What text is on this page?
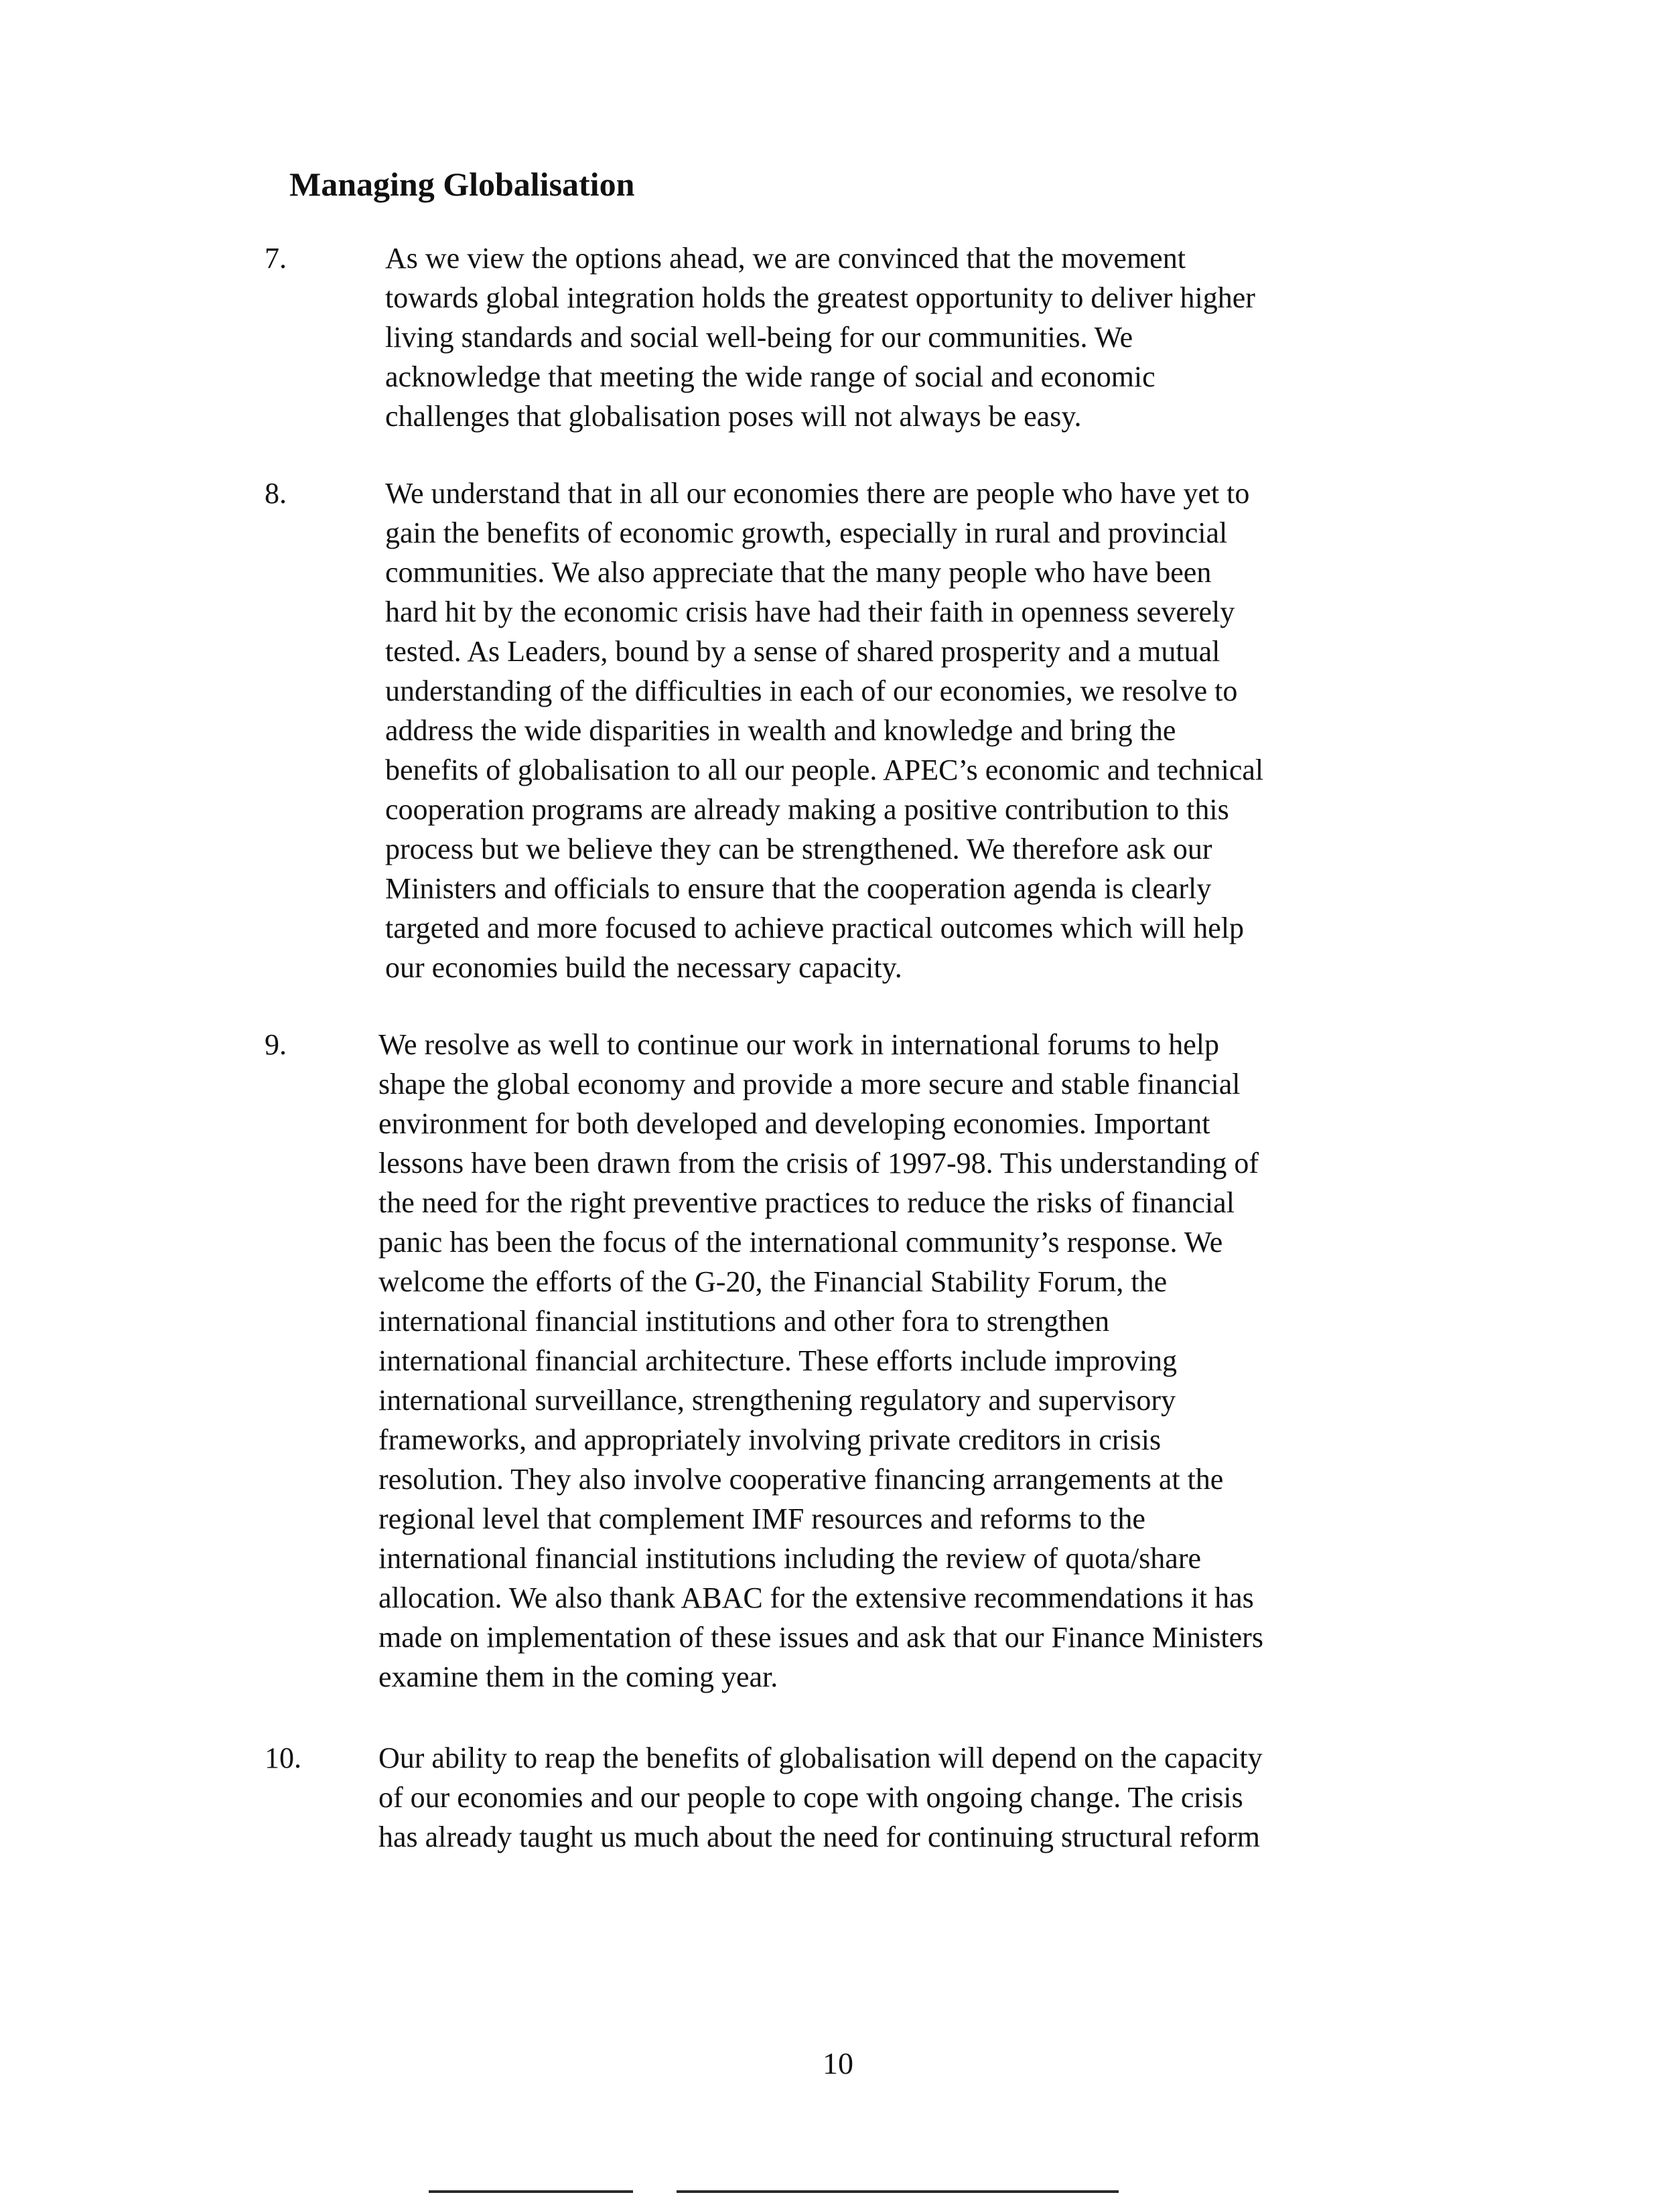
Managing Globalisation
7.	As we view the options ahead, we are convinced that the movement
towards global integration holds the greatest opportunity to deliver higher
living standards and social well-being for our communities. We
acknowledge that meeting the wide range of social and economic
challenges that globalisation poses will not always be easy.
8.	We understand that in all our economies there are people who have yet to
gain the benefits of economic growth, especially in rural and provincial
communities. We also appreciate that the many people who have been
hard hit by the economic crisis have had their faith in openness severely
tested. As Leaders, bound by a sense of shared prosperity and a mutual
understanding of the difficulties in each of our economies, we resolve to
address the wide disparities in wealth and knowledge and bring the
benefits of globalisation to all our people. APEC’s economic and technical
cooperation programs are already making a positive contribution to this
process but we believe they can be strengthened. We therefore ask our
Ministers and officials to ensure that the cooperation agenda is clearly
targeted and more focused to achieve practical outcomes which will help
our economies build the necessary capacity.
9.	We resolve as well to continue our work in international forums to help
shape the global economy and provide a more secure and stable financial
environment for both developed and developing economies. Important
lessons have been drawn from the crisis of 1997-98. This understanding of
the need for the right preventive practices to reduce the risks of financial
panic has been the focus of the international community’s response. We
welcome the efforts of the G-20, the Financial Stability Forum, the
international financial institutions and other fora to strengthen
international financial architecture. These efforts include improving
international surveillance, strengthening regulatory and supervisory
frameworks, and appropriately involving private creditors in crisis
resolution. They also involve cooperative financing arrangements at the
regional level that complement IMF resources and reforms to the
international financial institutions including the review of quota/share
allocation. We also thank ABAC for the extensive recommendations it has
made on implementation of these issues and ask that our Finance Ministers
examine them in the coming year.
10.	Our ability to reap the benefits of globalisation will depend on the capacity
of our economies and our people to cope with ongoing change. The crisis
has already taught us much about the need for continuing structural reform
10
